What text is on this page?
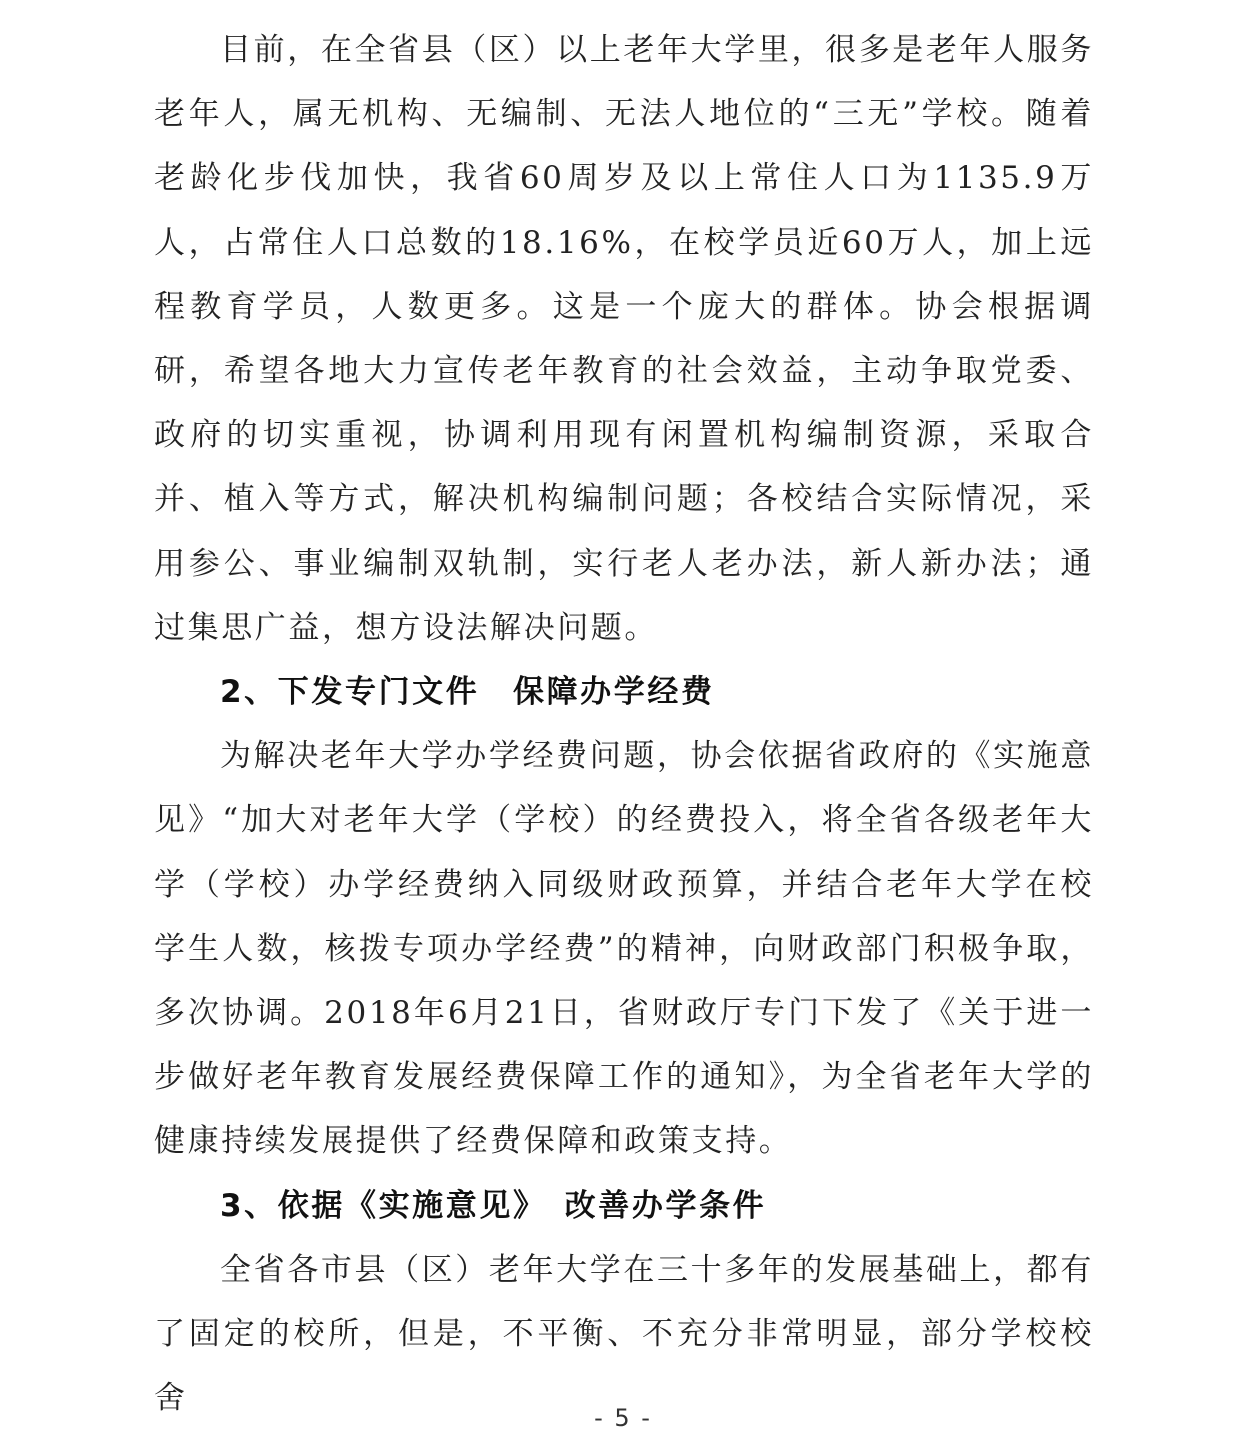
目前，在全省县（区）以上老年大学里，很多是老年人服务老年人，属无机构、无编制、无法人地位的“三无”学校。随着老龄化步伐加快，我省60周岁及以上常住人口为1135.9万人，占常住人口总数的18.16%，在校学员近60万人，加上远程教育学员，人数更多。这是一个庞大的群体。协会根据调研，希望各地大力宣传老年教育的社会效益，主动争取党委、政府的切实重视，协调利用现有闲置机构编制资源，采取合并、植入等方式，解决机构编制问题；各校结合实际情况，采用参公、事业编制双轨制，实行老人老办法，新人新办法；通过集思广益，想方设法解决问题。

2、下发专门文件　保障办学经费

为解决老年大学办学经费问题，协会依据省政府的《实施意见》“加大对老年大学（学校）的经费投入，将全省各级老年大学（学校）办学经费纳入同级财政预算，并结合老年大学在校学生人数，核拨专项办学经费”的精神，向财政部门积极争取，多次协调。2018年6月21日，省财政厅专门下发了《关于进一步做好老年教育发展经费保障工作的通知》，为全省老年大学的健康持续发展提供了经费保障和政策支持。

3、依据《实施意见》　改善办学条件

全省各市县（区）老年大学在三十多年的发展基础上，都有了固定的校所，但是，不平衡、不充分非常明显，部分学校校舍

- 5 -
